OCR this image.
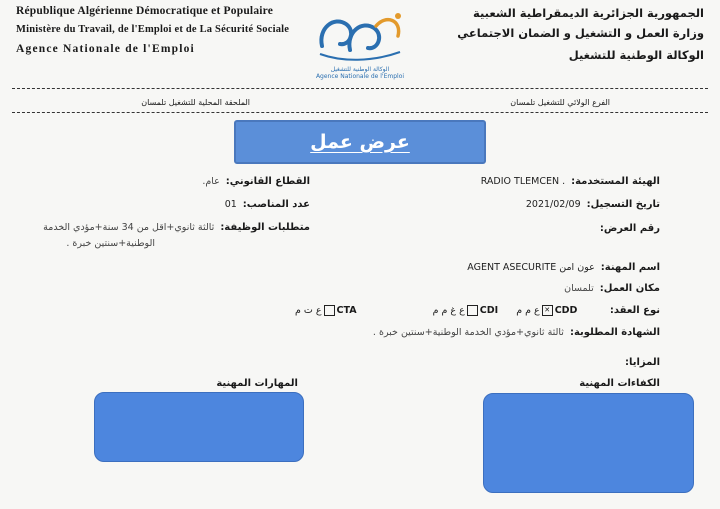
République Algérienne Démocratique et Populaire
Ministère du Travail, de l'Emploi et de La Sécurité Sociale
Agence Nationale de l'Emploi
الوكالة الوطنية للتشغيل
Agence Nationale de l'Emploi
الجمهورية الجزائرية الديمقراطية الشعبية
وزارة العمل و التشغيل و الضمان الاجتماعي
الوكالة الوطنية للتشغيل
الملحقة المحلية للتشغيل تلمسان	الفرع الولائي للتشغيل تلمسان
عرض عمل
الهيئة المستخدمة:
RADIO TLEMCEN .
تاريخ التسجيل:
2021/02/09
رقم العرض:
القطاع القانوني:
عام.
عدد المناصب:
01
متطلبات الوظيفة:
ثالثة ثانوي+اقل من 34 سنة+مؤدي الخدمة
الوطنية+سنتين خبرة .
اسم المهنة:
عون امن AGENT ASECURITE
مكان العمل:
تلمسان
نوع العقد:
ع ت م CTA	ع غ م م CDI ع م م ✕ CDD
الشهادة المطلوبة:
ثالثة ثانوي+مؤدي الخدمة الوطنية+سنتين خبرة .
المزايا:
الكفاءات المهنية
المهارات المهنية
